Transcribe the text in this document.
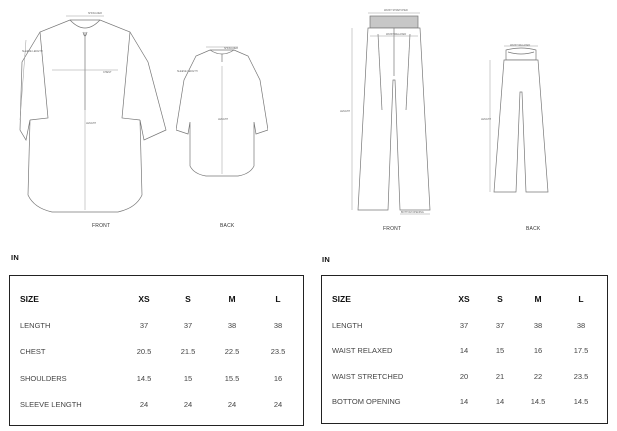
SHOULDER
SLEEVE LENGTH
CHEST
LENGTH
SHOULDER
SLEEVE LENGTH
LENGTH
FRONT	BACK
WAIST STRETCHED
WAIST RELAXED
LENGTH
BOTTOM OPENING
WAIST RELAXED
LENGTH
FRONT	BACK
IN	IN
SIZE	XS	S	M	L
LENGTH	37	37	38	38
CHEST	20.5	21.5	22.5	23.5
SHOULDERS	14.5	15	15.5	16
SLEEVE LENGTH	24	24	24	24
SIZE	XS	S	M	L
LENGTH	37	37	38	38
WAIST RELAXED	14	15	16	17.5
WAIST STRETCHED	20	21	22	23.5
BOTTOM OPENING	14	14	14.5	14.5
